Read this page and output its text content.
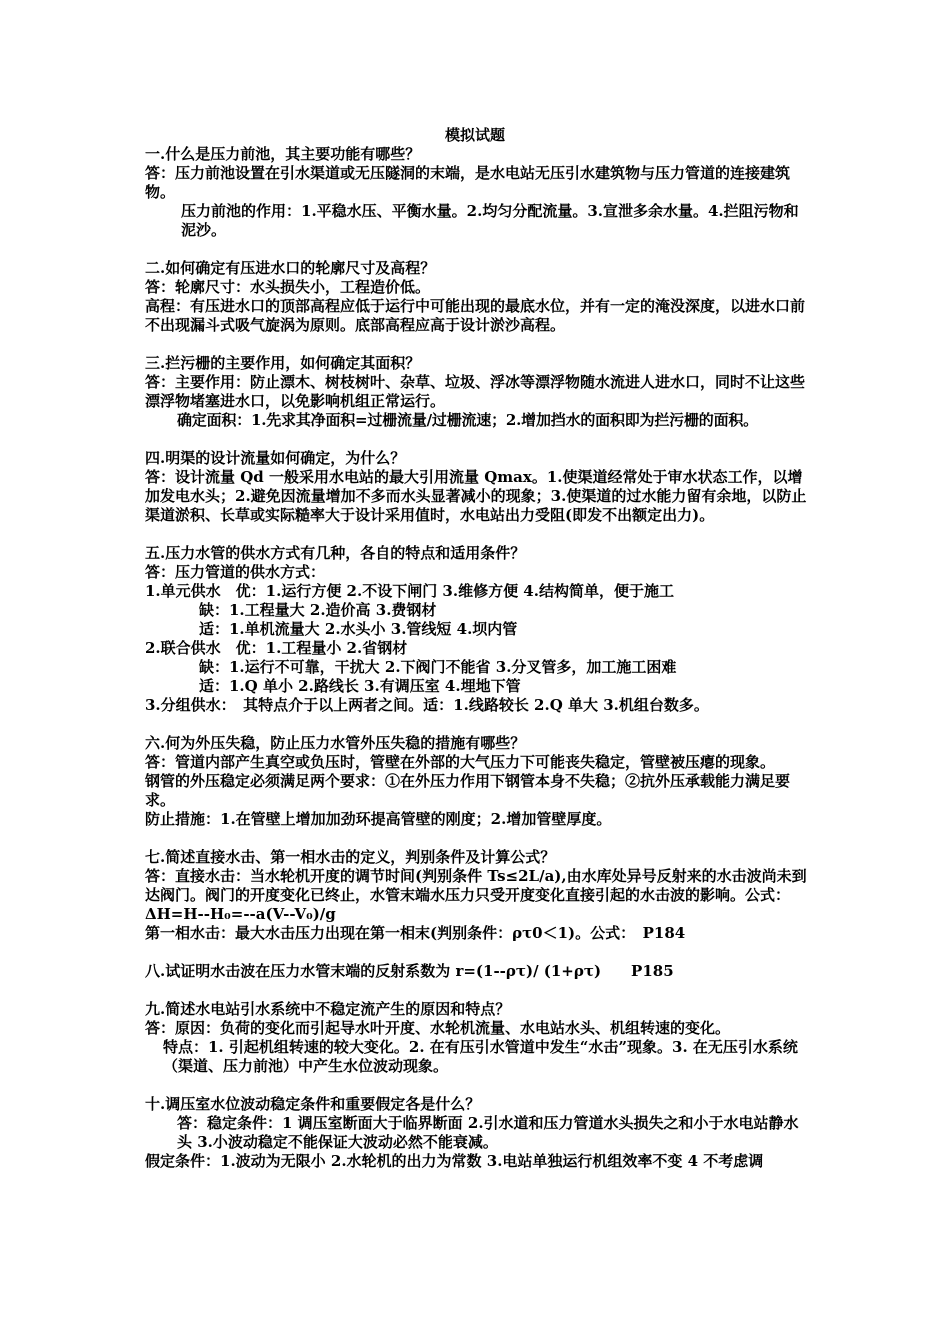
模拟试题

一.什么是压力前池，其主要功能有哪些？

答：压力前池设置在引水渠道或无压隧洞的末端，是水电站无压引水建筑物与压力管道的连接建筑物。

压力前池的作用：1.平稳水压、平衡水量。2.均匀分配流量。3.宣泄多余水量。4.拦阻污物和泥沙。

二.如何确定有压进水口的轮廓尺寸及高程？

答：轮廓尺寸：水头损失小，工程造价低。

高程：有压进水口的顶部高程应低于运行中可能出现的最底水位，并有一定的淹没深度，以进水口前不出现漏斗式吸气旋涡为原则。底部高程应高于设计淤沙高程。

三.拦污栅的主要作用，如何确定其面积？

答：主要作用：防止漂木、树枝树叶、杂草、垃圾、浮冰等漂浮物随水流进人进水口，同时不让这些漂浮物堵塞进水口，以免影响机组正常运行。

确定面积：1.先求其净面积=过栅流量/过栅流速；2.增加挡水的面积即为拦污栅的面积。

四.明渠的设计流量如何确定，为什么？

答：设计流量 Qd 一般采用水电站的最大引用流量 Qmax。1.使渠道经常处于审水状态工作，以增加发电水头；2.避免因流量增加不多而水头显著减小的现象；3.使渠道的过水能力留有余地，以防止渠道淤积、长草或实际糙率大于设计采用值时，水电站出力受阻(即发不出额定出力)。

五.压力水管的供水方式有几种，各自的特点和适用条件？

答：压力管道的供水方式：

1.单元供水　优：1.运行方便 2.不设下闸门 3.维修方便 4.结构简单，便于施工

缺：1.工程量大 2.造价高 3.费钢材

适：1.单机流量大 2.水头小 3.管线短 4.坝内管

2.联合供水　优：1.工程量小 2.省钢材

缺：1.运行不可靠，干扰大 2.下阀门不能省 3.分叉管多，加工施工困难

适：1.Q 单小 2.路线长 3.有调压室 4.埋地下管

3.分组供水：　其特点介于以上两者之间。适：1.线路较长 2.Q 单大 3.机组台数多。

六.何为外压失稳，防止压力水管外压失稳的措施有哪些？

答：管道内部产生真空或负压时，管壁在外部的大气压力下可能丧失稳定，管壁被压瘪的现象。

钢管的外压稳定必须满足两个要求：①在外压力作用下钢管本身不失稳；②抗外压承载能力满足要求。

防止措施：1.在管壁上增加加劲环提高管壁的刚度；2.增加管壁厚度。

七.简述直接水击、第一相水击的定义，判别条件及计算公式？

答：直接水击：当水轮机开度的调节时间(判别条件 Ts≤2L/a),由水库处异号反射来的水击波尚未到达阀门。阀门的开度变化已终止，水管末端水压力只受开度变化直接引起的水击波的影响。公式：ΔH=H--H₀=--a(V--V₀)/g

第一相水击：最大水击压力出现在第一相末(判别条件：ρτ0＜1)。公式：　P184

八.试证明水击波在压力水管末端的反射系数为 r=(1--ρτ)/ (1+ρτ)　　P185

九.简述水电站引水系统中不稳定流产生的原因和特点？

答：原因：负荷的变化而引起导水叶开度、水轮机流量、水电站水头、机组转速的变化。

特点：1. 引起机组转速的较大变化。2. 在有压引水管道中发生“水击”现象。3. 在无压引水系统（渠道、压力前池）中产生水位波动现象。

十.调压室水位波动稳定条件和重要假定各是什么？

答：稳定条件：1 调压室断面大于临界断面 2.引水道和压力管道水头损失之和小于水电站静水头 3.小波动稳定不能保证大波动必然不能衰减。

假定条件：1.波动为无限小 2.水轮机的出力为常数 3.电站单独运行机组效率不变 4 不考虑调
